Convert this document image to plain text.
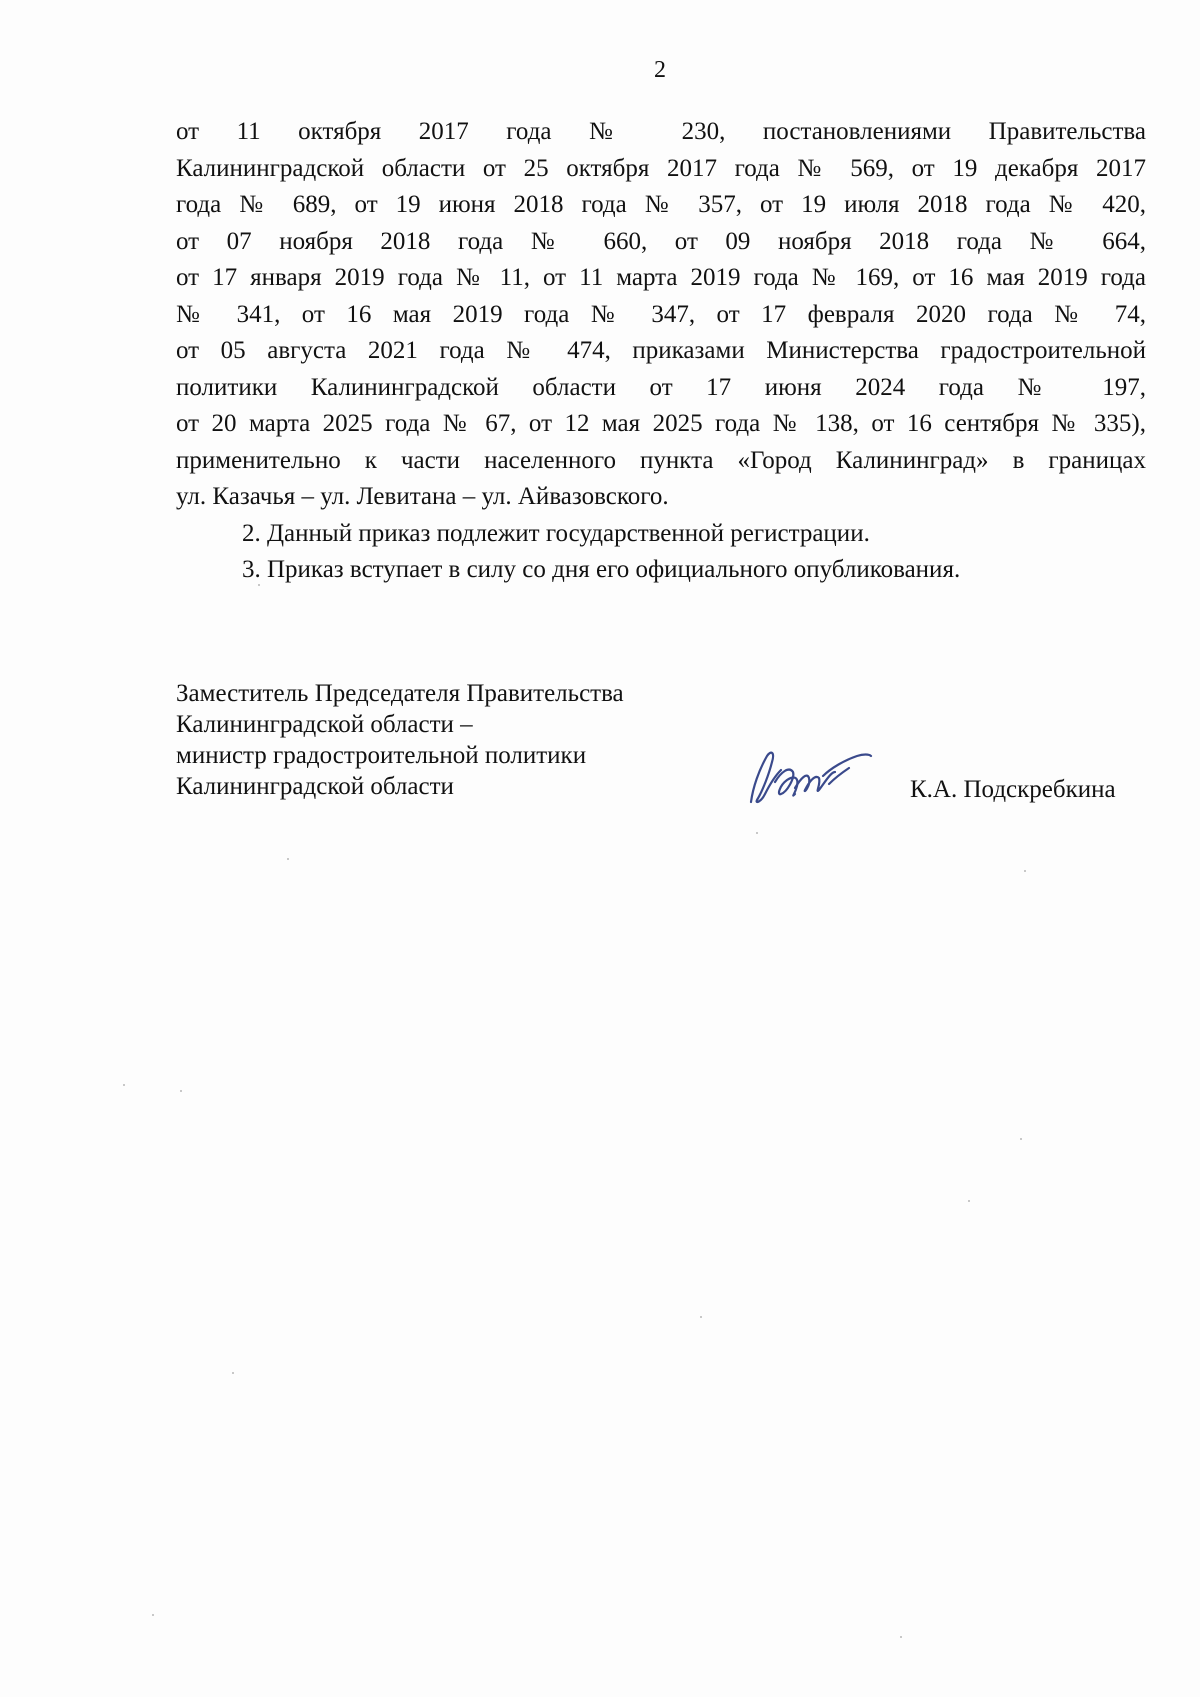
2

от 11 октября 2017 года № 230, постановлениями Правительства

Калининградской области от 25 октября 2017 года № 569, от 19 декабря 2017

года № 689, от 19 июня 2018 года № 357, от 19 июля 2018 года № 420,

от 07 ноября 2018 года № 660, от 09 ноября 2018 года № 664,

от 17 января 2019 года № 11, от 11 марта 2019 года № 169, от 16 мая 2019 года

№ 341, от 16 мая 2019 года № 347, от 17 февраля 2020 года № 74,

от 05 августа 2021 года № 474, приказами Министерства градостроительной

политики Калининградской области от 17 июня 2024 года № 197,

от 20 марта 2025 года № 67, от 12 мая 2025 года № 138, от 16 сентября № 335),

применительно к части населенного пункта «Город Калининград» в границах

ул. Казачья – ул. Левитана – ул. Айвазовского.

2. Данный приказ подлежит государственной регистрации.

3. Приказ вступает в силу со дня его официального опубликования.

Заместитель Председателя Правительства
Калининградской области –
министр градостроительной политики
Калининградской области	К.А. Подскребкина
